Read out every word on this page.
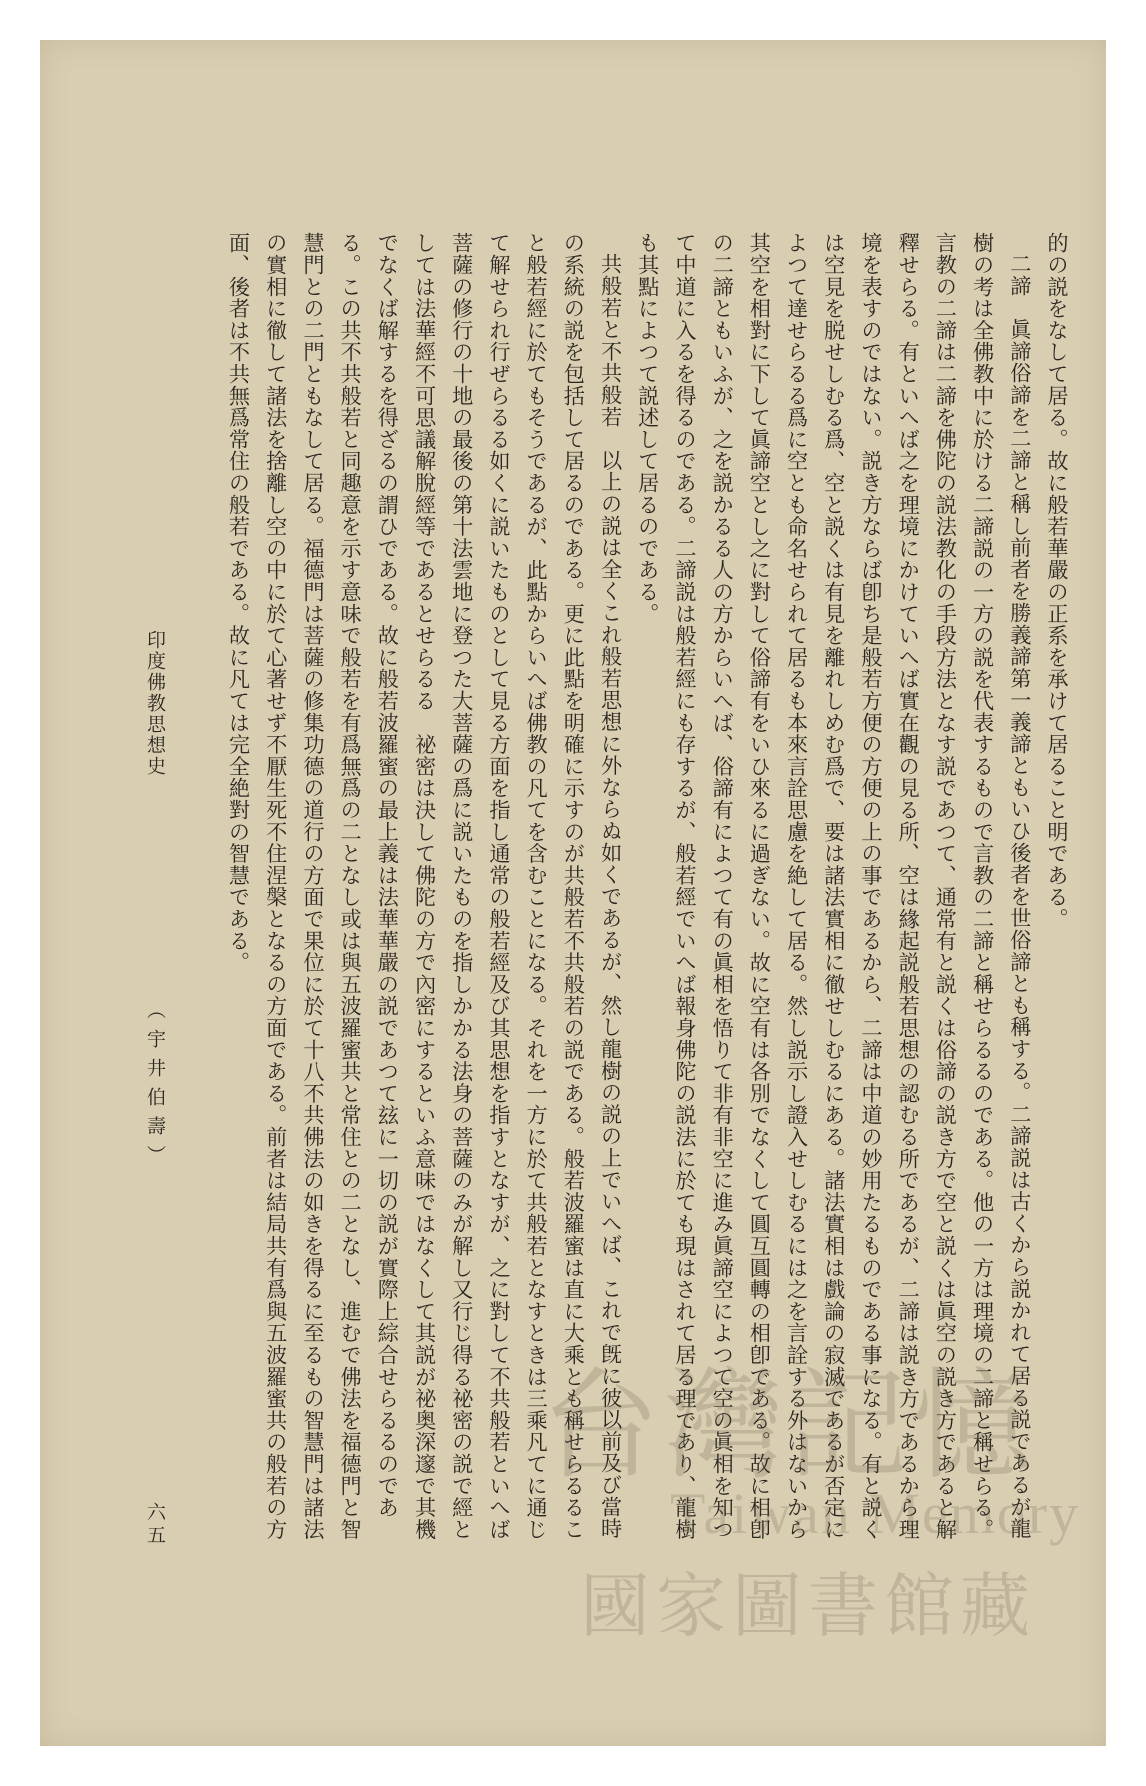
的の説をなして居る。故に般若華嚴の正系を承けて居ること明である。

二諦　眞諦俗諦を二諦と稱し前者を勝義諦第一義諦ともいひ後者を世俗諦とも稱する。二諦説は古くから説かれて居る説であるが龍樹の考は全佛教中に於ける二諦説の一方の説を代表するもので言教の二諦と稱せらるるのである。他の一方は理境の二諦と稱せらる。言教の二諦は二諦を佛陀の説法教化の手段方法となす説であつて、通常有と説くは俗諦の説き方で空と説くは眞空の説き方であると解釋せらる。有といへば之を理境にかけていへば實在觀の見る所、空は緣起説般若思想の認むる所であるが、二諦は説き方であるから理境を表すのではない。説き方ならば卽ち是般若方便の方便の上の事であるから、二諦は中道の妙用たるものである事になる。有と説くは空見を脱せしむる爲、空と説くは有見を離れしめむ爲で、要は諸法實相に徹せしむるにある。諸法實相は戲論の寂滅であるが否定によつて達せらるる爲に空とも命名せられて居るも本來言詮思慮を絶して居る。然し説示し證入せしむるには之を言詮する外はないから其空を相對に下して眞諦空とし之に對して俗諦有をいひ來るに過ぎない。故に空有は各別でなくして圓互圓轉の相卽である。故に相卽の二諦ともいふが、之を説かるる人の方からいへば、俗諦有によつて有の眞相を悟りて非有非空に進み眞諦空によつて空の眞相を知つて中道に入るを得るのである。二諦説は般若經にも存するが、般若經でいへば報身佛陀の説法に於ても現はされて居る理であり、龍樹も其點によつて説述して居るのである。

共般若と不共般若　以上の説は全くこれ般若思想に外ならぬ如くであるが、然し龍樹の説の上でいへば、これで旣に彼以前及び當時の系統の説を包括して居るのである。更に此點を明確に示すのが共般若不共般若の説である。般若波羅蜜は直に大乘とも稱せらるること般若經に於てもそうであるが、此點からいへば佛教の凡てを含むことになる。それを一方に於て共般若となすときは三乘凡てに通じて解せられ行ぜらるる如くに説いたものとして見る方面を指し通常の般若經及び其思想を指すとなすが、之に對して不共般若といへば菩薩の修行の十地の最後の第十法雲地に登つた大菩薩の爲に説いたものを指しかかる法身の菩薩のみが解し又行じ得る祕密の説で經としては法華經不可思議解脫經等であるとせらるる　祕密は決して佛陀の方で內密にするといふ意味ではなくして其説が祕奥深邃で其機でなくば解するを得ざるの謂ひである。故に般若波羅蜜の最上義は法華華嚴の説であつて玆に一切の説が實際上綜合せらるるのである。この共不共般若と同趣意を示す意味で般若を有爲無爲の二となし或は與五波羅蜜共と常住との二となし、進むで佛法を福德門と智慧門との二門ともなして居る。福德門は菩薩の修集功德の道行の方面で果位に於て十八不共佛法の如きを得るに至るもの智慧門は諸法の實相に徹して諸法を捨離し空の中に於て心著せず不厭生死不住涅槃となるの方面である。前者は結局共有爲與五波羅蜜共の般若の方面、後者は不共無爲常住の般若である。故に凡ては完全絶對の智慧である。

印度佛教思想史
（宇井伯壽）
六五
台灣記憶
Taiwan Memory
國家圖書館藏
